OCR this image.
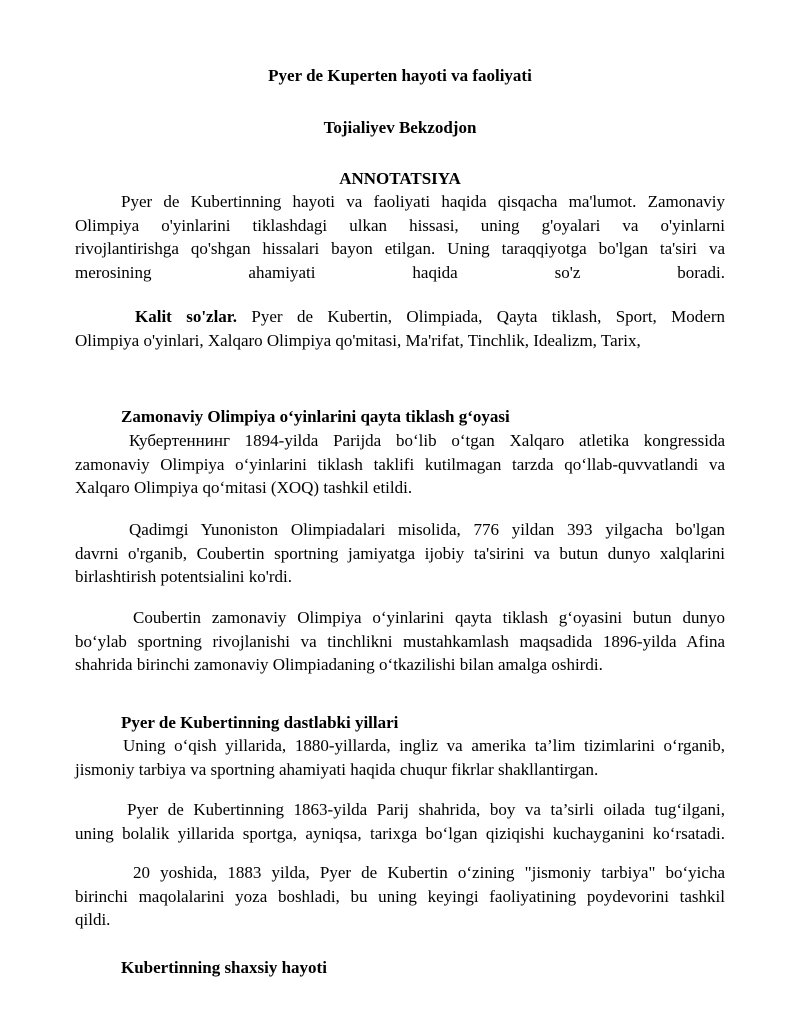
Pyer de Kuperten hayoti va faoliyati
Tojialiyev Bekzodjon
ANNOTATSIYA
Pyer de Kubertinning hayoti va faoliyati haqida qisqacha ma'lumot. Zamonaviy
Olimpiya o'yinlarini tiklashdagi ulkan hissasi, uning g'oyalari va o'yinlarni
rivojlantirishga qo'shgan hissalari bayon etilgan. Uning taraqqiyotga bo'lgan ta'siri va
merosining ahamiyati haqida so'z boradi.
Kalit so'zlar. Pyer de Kubertin, Olimpiada, Qayta tiklash, Sport, Modern
Olimpiya o'yinlari, Xalqaro Olimpiya qo'mitasi, Ma'rifat, Tinchlik, Idealizm, Tarix,
Zamonaviy Olimpiya o‘yinlarini qayta tiklash g‘oyasi
Кубертеннинг 1894-yilda Parijda bo‘lib o‘tgan Xalqaro atletika kongressida
zamonaviy Olimpiya o‘yinlarini tiklash taklifi kutilmagan tarzda qo‘llab-quvvatlandi va
Xalqaro Olimpiya qo‘mitasi (XOQ) tashkil etildi.
Qadimgi Yunoniston Olimpiadalari misolida, 776 yildan 393 yilgacha bo'lgan
davrni o'rganib, Coubertin sportning jamiyatga ijobiy ta'sirini va butun dunyo xalqlarini
birlashtirish potentsialini ko'rdi.
Coubertin zamonaviy Olimpiya o‘yinlarini qayta tiklash g‘oyasini butun dunyo
bo‘ylab sportning rivojlanishi va tinchlikni mustahkamlash maqsadida 1896-yilda Afina
shahrida birinchi zamonaviy Olimpiadaning o‘tkazilishi bilan amalga oshirdi.
Pyer de Kubertinning dastlabki yillari
Uning o‘qish yillarida, 1880-yillarda, ingliz va amerika ta’lim tizimlarini o‘rganib,
jismoniy tarbiya va sportning ahamiyati haqida chuqur fikrlar shakllantirgan.
Pyer de Kubertinning 1863-yilda Parij shahrida, boy va ta’sirli oilada tug‘ilgani,
uning bolalik yillarida sportga, ayniqsa, tarixga bo‘lgan qiziqishi kuchayganini ko‘rsatadi.
20 yoshida, 1883 yilda, Pyer de Kubertin o‘zining "jismoniy tarbiya" bo‘yicha
birinchi maqolalarini yoza boshladi, bu uning keyingi faoliyatining poydevorini tashkil
qildi.
Kubertinning shaxsiy hayoti
